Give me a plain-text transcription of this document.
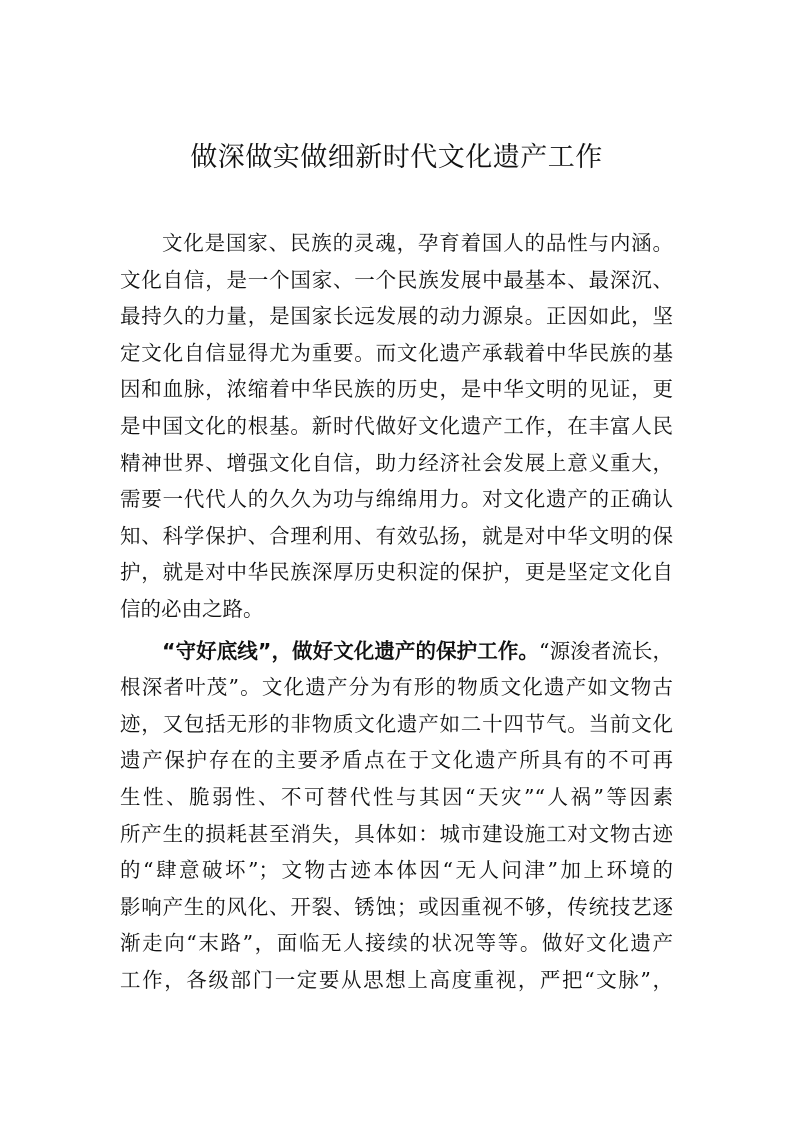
做深做实做细新时代文化遗产工作
文化是国家、民族的灵魂，孕育着国人的品性与内涵。
文化自信，是一个国家、一个民族发展中最基本、最深沉、
最持久的力量，是国家长远发展的动力源泉。正因如此，坚
定文化自信显得尤为重要。而文化遗产承载着中华民族的基
因和血脉，浓缩着中华民族的历史，是中华文明的见证，更
是中国文化的根基。新时代做好文化遗产工作，在丰富人民
精神世界、增强文化自信，助力经济社会发展上意义重大，
需要一代代人的久久为功与绵绵用力。对文化遗产的正确认
知、科学保护、合理利用、有效弘扬，就是对中华文明的保
护，就是对中华民族深厚历史积淀的保护，更是坚定文化自
信的必由之路。
“守好底线”，做好文化遗产的保护工作。“源浚者流长，
根深者叶茂”。文化遗产分为有形的物质文化遗产如文物古
迹，又包括无形的非物质文化遗产如二十四节气。当前文化
遗产保护存在的主要矛盾点在于文化遗产所具有的不可再
生性、脆弱性、不可替代性与其因“天灾”“人祸”等因素
所产生的损耗甚至消失，具体如：城市建设施工对文物古迹
的“肆意破坏”；文物古迹本体因“无人问津”加上环境的
影响产生的风化、开裂、锈蚀；或因重视不够，传统技艺逐
渐走向“末路”，面临无人接续的状况等等。做好文化遗产
工作，各级部门一定要从思想上高度重视，严把“文脉”，
